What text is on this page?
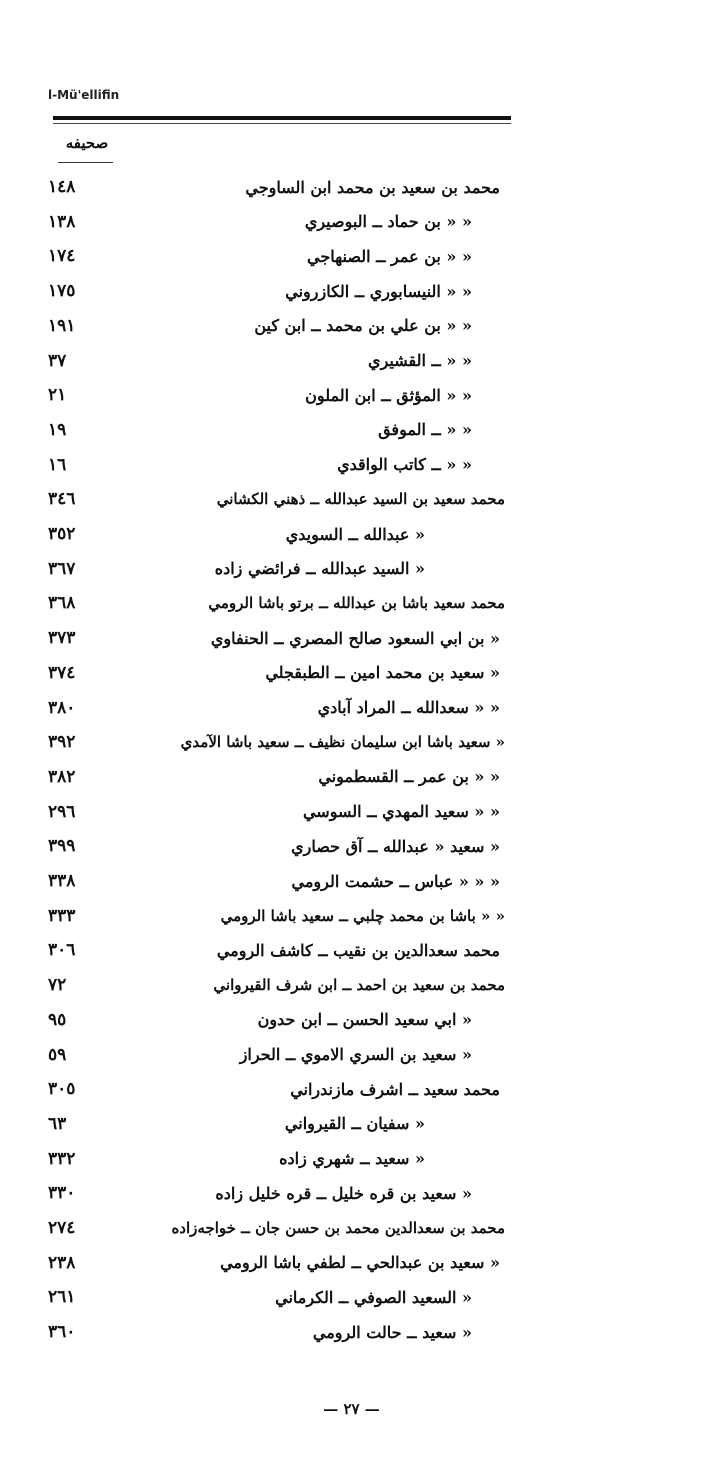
l-Mü'ellifin
صحيفه
١٤٨	محمد بن سعيد بن محمد ابن الساوجي
١٣٨	« « بن حماد ــ البوصيري
١٧٤	« « بن عمر ــ الصنهاجي
١٧٥	« « النيسابوري ــ الكازروني
١٩١	« « بن علي بن محمد ــ ابن كين
٣٧	« « ــ القشيري
٢١	« « المؤثق ــ ابن الملون
١٩	« « ــ الموفق
١٦	« « ــ كاتب الواقدي
٣٤٦	محمد سعيد بن السيد عبدالله ــ ذهني الكشاني
٣٥٢	« عبدالله ــ السويدي
٣٦٧	« السيد عبدالله ــ فرائضي زاده
٣٦٨	محمد سعيد باشا بن عبدالله ــ برتو باشا الرومي
٣٧٣	« بن ابي السعود صالح المصري ــ الحنفاوي
٣٧٤	« سعيد بن محمد امين ــ الطبقجلي
٣٨٠	« « سعدالله ــ المراد آبادي
٣٩٢	« سعيد باشا ابن سليمان نظيف ــ سعيد باشا الآمدي
٣٨٢	« « بن عمر ــ القسطموني
٢٩٦	« « سعيد المهدي ــ السوسي
٣٩٩	« سعيد « عبدالله ــ آق حصاري
٣٣٨	« « « عباس ــ حشمت الرومي
٣٣٣	« « باشا بن محمد چلبي ــ سعيد باشا الرومي
٣٠٦	محمد سعدالدين بن نقيب ــ كاشف الرومي
٧٢	محمد بن سعيد بن احمد ــ ابن شرف القيرواني
٩٥	« ابي سعيد الحسن ــ ابن حدون
٥٩	« سعيد بن السري الاموي ــ الحراز
٣٠٥	محمد سعيد ــ اشرف مازندراني
٦٣	« سفيان ــ القيرواني
٣٣٢	« سعيد ــ شهري زاده
٣٣٠	« سعيد بن قره خليل ــ قره خليل زاده
٢٧٤	محمد بن سعدالدين محمد بن حسن جان ــ خواجه‌زاده
٢٣٨	« سعيد بن عبدالحي ــ لطفي باشا الرومي
٢٦١	« السعيد الصوفي ــ الكرماني
٣٦٠	« سعيد ــ حالت الرومي
— ٢٧ —
